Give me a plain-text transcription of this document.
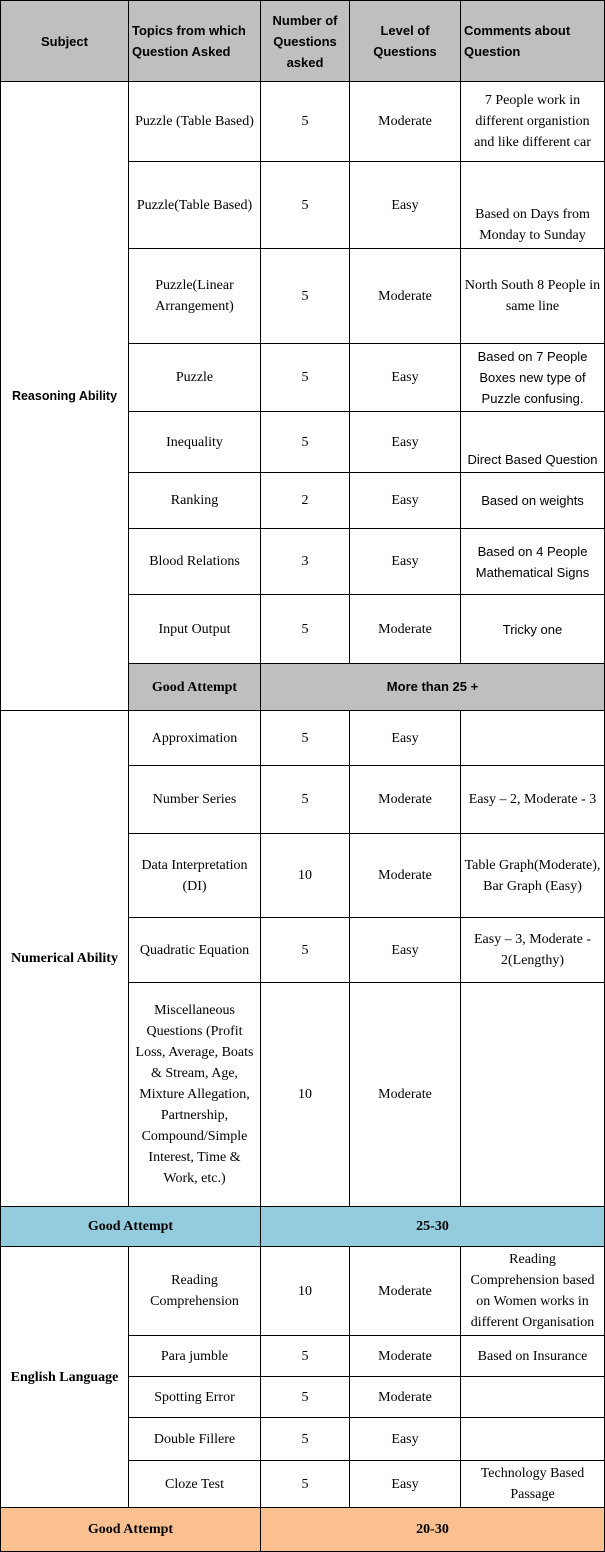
Subject	Topics from which Question Asked	Number of Questions asked	Level of Questions	Comments about Question
Reasoning Ability	Puzzle (Table Based)	5	Moderate	7 People work in different organistion and like different car
	Puzzle(Table Based)	5	Easy	Based on Days from Monday to Sunday
	Puzzle(Linear Arrangement)	5	Moderate	North South 8 People in same line
	Puzzle	5	Easy	Based on 7 People Boxes new type of Puzzle confusing.
	Inequality	5	Easy	Direct Based Question
	Ranking	2	Easy	Based on weights
	Blood Relations	3	Easy	Based on 4 People Mathematical Signs
	Input Output	5	Moderate	Tricky one
	Good Attempt	More than 25 +		
Numerical Ability	Approximation	5	Easy	
	Number Series	5	Moderate	Easy – 2, Moderate - 3
	Data Interpretation (DI)	10	Moderate	Table Graph(Moderate), Bar Graph (Easy)
	Quadratic Equation	5	Easy	Easy – 3, Moderate - 2(Lengthy)
	Miscellaneous Questions (Profit Loss, Average, Boats & Stream, Age, Mixture Allegation, Partnership, Compound/Simple Interest, Time & Work, etc.)	10	Moderate	
Good Attempt		25-30		
English Language	Reading Comprehension	10	Moderate	Reading Comprehension based on Women works in different Organisation
	Para jumble	5	Moderate	Based on Insurance
	Spotting Error	5	Moderate	
	Double Fillere	5	Easy	
	Cloze Test	5	Easy	Technology Based Passage
Good Attempt		20-30		
